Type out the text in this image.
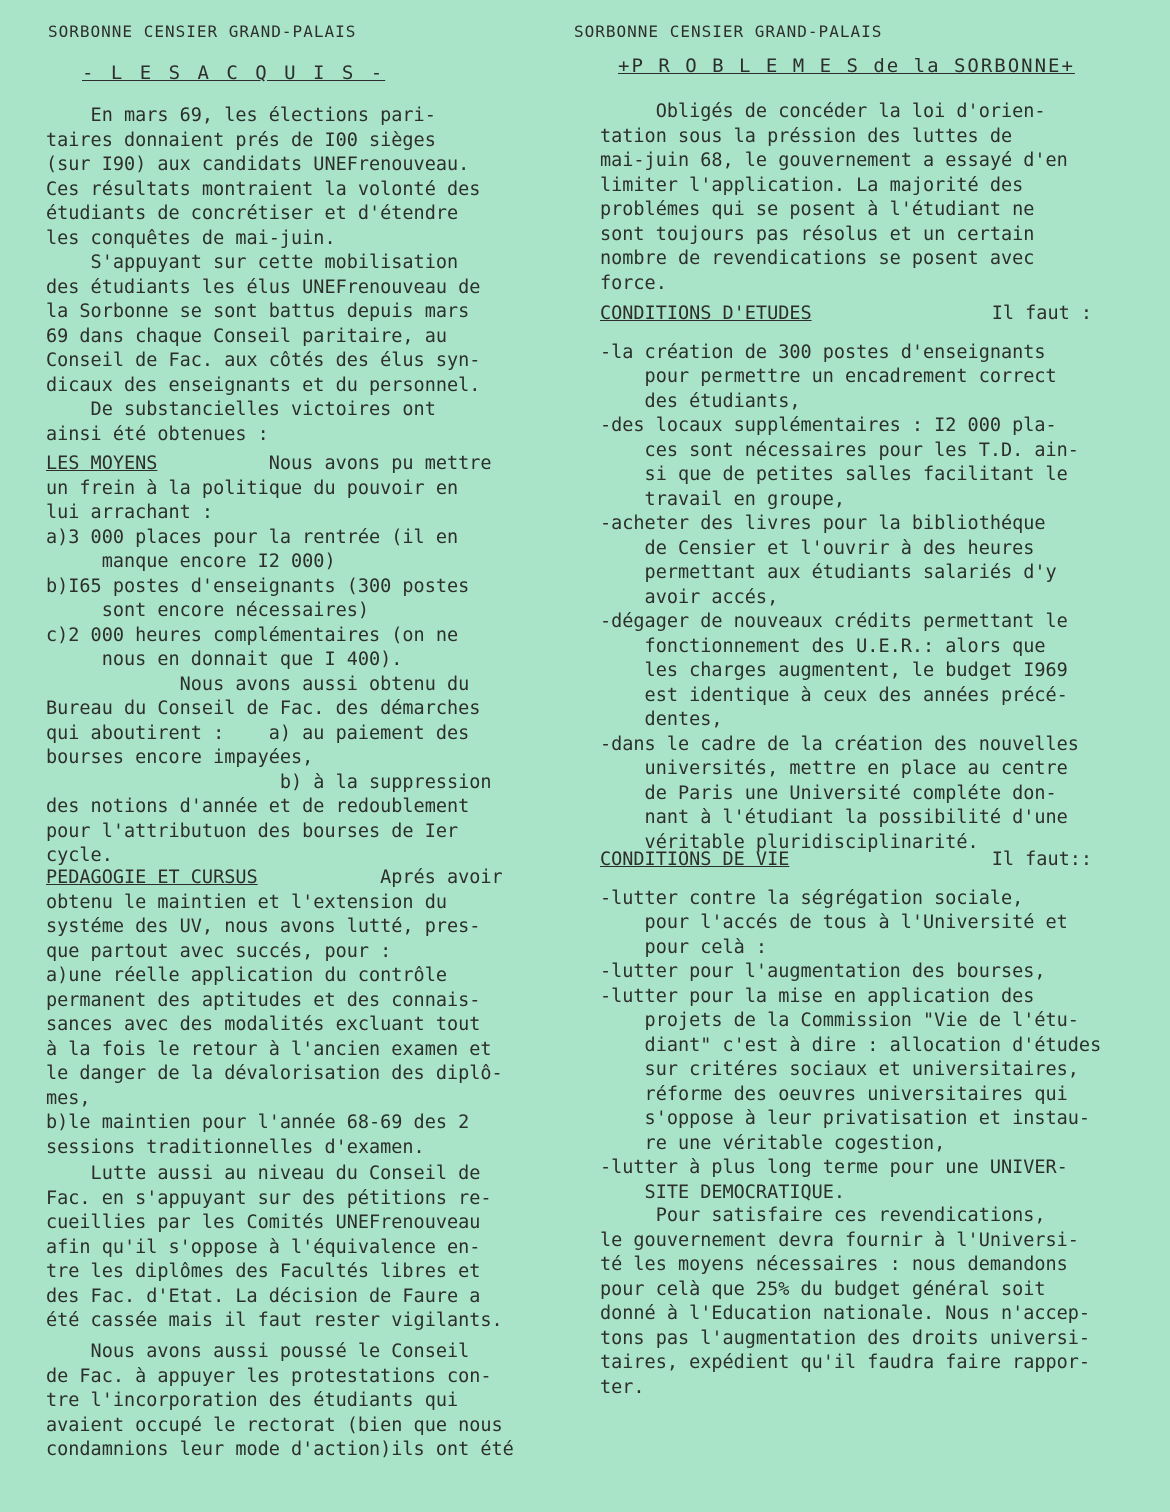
SORBONNE CENSIER GRAND-PALAIS
- L E S A C Q U I S -
En mars 69, les élections pari-
taires donnaient prés de I00 sièges
(sur I90) aux candidats UNEFrenouveau.
Ces résultats montraient la volonté des
étudiants de concrétiser et d'étendre
les conquêtes de mai-juin.
S'appuyant sur cette mobilisation
des étudiants les élus UNEFrenouveau de
la Sorbonne se sont battus depuis mars
69 dans chaque Conseil paritaire, au
Conseil de Fac. aux côtés des élus syn-
dicaux des enseignants et du personnel.
De substancielles victoires ont
ainsi été obtenues :
LES MOYENS	Nous avons pu mettre
un frein à la politique du pouvoir en
lui arrachant :
a)3 000 places pour la rentrée (il en
manque encore I2 000)
b)I65 postes d'enseignants (300 postes
sont encore nécessaires)
c)2 000 heures complémentaires (on ne
nous en donnait que I 400).
Nous avons aussi obtenu du
Bureau du Conseil de Fac. des démarches
qui aboutirent :    a) au paiement des
bourses encore impayées,
b) à la suppression
des notions d'année et de redoublement
pour l'attributuon des bourses de Ier
cycle.
PEDAGOGIE ET CURSUS	Aprés avoir
obtenu le maintien et l'extension du
systéme des UV, nous avons lutté, pres-
que partout avec succés, pour :
a)une réelle application du contrôle
permanent des aptitudes et des connais-
sances avec des modalités excluant tout
à la fois le retour à l'ancien examen et
le danger de la dévalorisation des diplô-
mes,
b)le maintien pour l'année 68-69 des 2
sessions traditionnelles d'examen.
Lutte aussi au niveau du Conseil de
Fac. en s'appuyant sur des pétitions re-
cueillies par les Comités UNEFrenouveau
afin qu'il s'oppose à l'équivalence en-
tre les diplômes des Facultés libres et
des Fac. d'Etat. La décision de Faure a
été cassée mais il faut rester vigilants.
Nous avons aussi poussé le Conseil
de Fac. à appuyer les protestations con-
tre l'incorporation des étudiants qui
avaient occupé le rectorat (bien que nous
condamnions leur mode d'action)ils ont été
SORBONNE CENSIER GRAND-PALAIS
+P R O B L E M E S de la SORBONNE+
Obligés de concéder la loi d'orien-
tation sous la préssion des luttes de
mai-juin 68, le gouvernement a essayé d'en
limiter l'application. La majorité des
problémes qui se posent à l'étudiant ne
sont toujours pas résolus et un certain
nombre de revendications se posent avec
force.
CONDITIONS D'ETUDES	Il faut :
-la création de 300 postes d'enseignants
pour permettre un encadrement correct
des étudiants,
-des locaux supplémentaires : I2 000 pla-
ces sont nécessaires pour les T.D. ain-
si que de petites salles facilitant le
travail en groupe,
-acheter des livres pour la bibliothéque
de Censier et l'ouvrir à des heures
permettant aux étudiants salariés d'y
avoir accés,
-dégager de nouveaux crédits permettant le
fonctionnement des U.E.R.: alors que
les charges augmentent, le budget I969
est identique à ceux des années précé-
dentes,
-dans le cadre de la création des nouvelles
universités, mettre en place au centre
de Paris une Université compléte don-
nant à l'étudiant la possibilité d'une
véritable pluridisciplinarité.
CONDITIONS DE VIE	Il faut::
-lutter contre la ségrégation sociale,
pour l'accés de tous à l'Université et
pour celà :
-lutter pour l'augmentation des bourses,
-lutter pour la mise en application des
projets de la Commission "Vie de l'étu-
diant" c'est à dire : allocation d'études
sur critéres sociaux et universitaires,
réforme des oeuvres universitaires qui
s'oppose à leur privatisation et instau-
re une véritable cogestion,
-lutter à plus long terme pour une UNIVER-
SITE DEMOCRATIQUE.
Pour satisfaire ces revendications,
le gouvernement devra fournir à l'Universi-
té les moyens nécessaires : nous demandons
pour celà que 25% du budget général soit
donné à l'Education nationale. Nous n'accep-
tons pas l'augmentation des droits universi-
taires, expédient qu'il faudra faire rappor-
ter.
